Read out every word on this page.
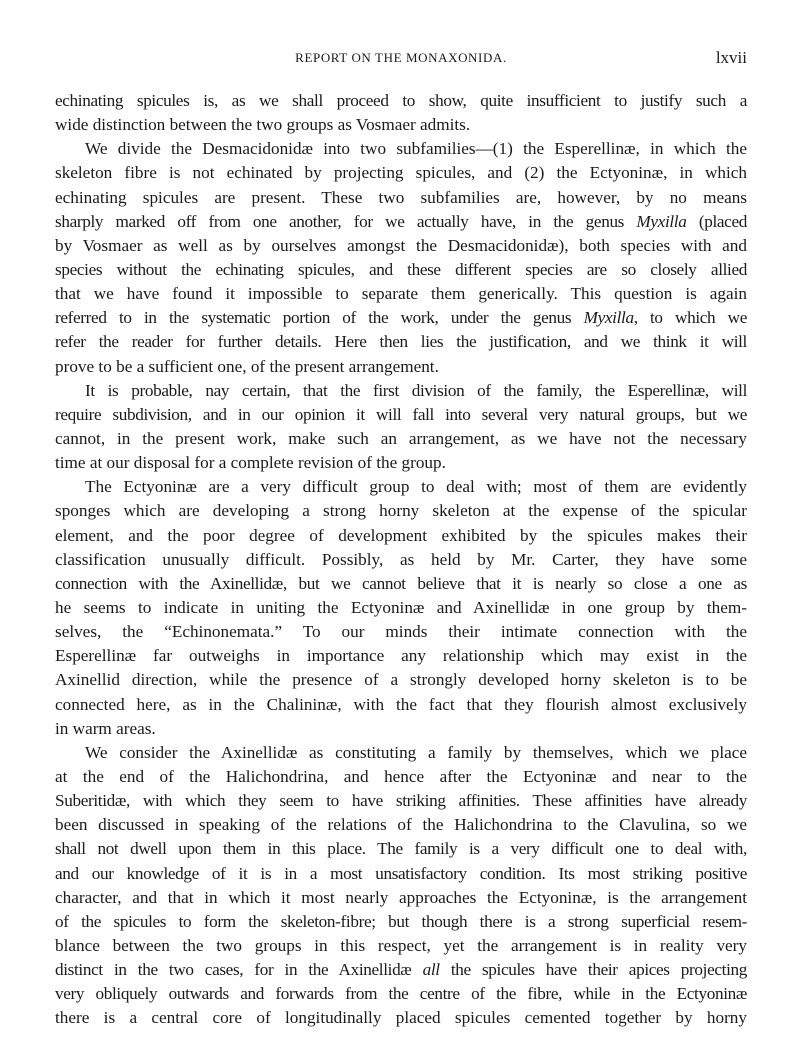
REPORT ON THE MONAXONIDA.	lxvii
echinating spicules is, as we shall proceed to show, quite insufficient to justify such a
wide distinction between the two groups as Vosmaer admits.
We divide the Desmacidonidæ into two subfamilies—(1) the Esperellinæ, in which the
skeleton fibre is not echinated by projecting spicules, and (2) the Ectyoninæ, in which
echinating spicules are present. These two subfamilies are, however, by no means
sharply marked off from one another, for we actually have, in the genus Myxilla (placed
by Vosmaer as well as by ourselves amongst the Desmacidonidæ), both species with and
species without the echinating spicules, and these different species are so closely allied
that we have found it impossible to separate them generically. This question is again
referred to in the systematic portion of the work, under the genus Myxilla, to which we
refer the reader for further details. Here then lies the justification, and we think it will
prove to be a sufficient one, of the present arrangement.
It is probable, nay certain, that the first division of the family, the Esperellinæ, will
require subdivision, and in our opinion it will fall into several very natural groups, but we
cannot, in the present work, make such an arrangement, as we have not the necessary
time at our disposal for a complete revision of the group.
The Ectyoninæ are a very difficult group to deal with; most of them are evidently
sponges which are developing a strong horny skeleton at the expense of the spicular
element, and the poor degree of development exhibited by the spicules makes their
classification unusually difficult. Possibly, as held by Mr. Carter, they have some
connection with the Axinellidæ, but we cannot believe that it is nearly so close a one as
he seems to indicate in uniting the Ectyoninæ and Axinellidæ in one group by them-
selves, the “Echinonemata.” To our minds their intimate connection with the
Esperellinæ far outweighs in importance any relationship which may exist in the
Axinellid direction, while the presence of a strongly developed horny skeleton is to be
connected here, as in the Chalininæ, with the fact that they flourish almost exclusively
in warm areas.
We consider the Axinellidæ as constituting a family by themselves, which we place
at the end of the Halichondrina, and hence after the Ectyoninæ and near to the
Suberitidæ, with which they seem to have striking affinities. These affinities have already
been discussed in speaking of the relations of the Halichondrina to the Clavulina, so we
shall not dwell upon them in this place. The family is a very difficult one to deal with,
and our knowledge of it is in a most unsatisfactory condition. Its most striking positive
character, and that in which it most nearly approaches the Ectyoninæ, is the arrangement
of the spicules to form the skeleton-fibre; but though there is a strong superficial resem-
blance between the two groups in this respect, yet the arrangement is in reality very
distinct in the two cases, for in the Axinellidæ all the spicules have their apices projecting
very obliquely outwards and forwards from the centre of the fibre, while in the Ectyoninæ
there is a central core of longitudinally placed spicules cemented together by horny
